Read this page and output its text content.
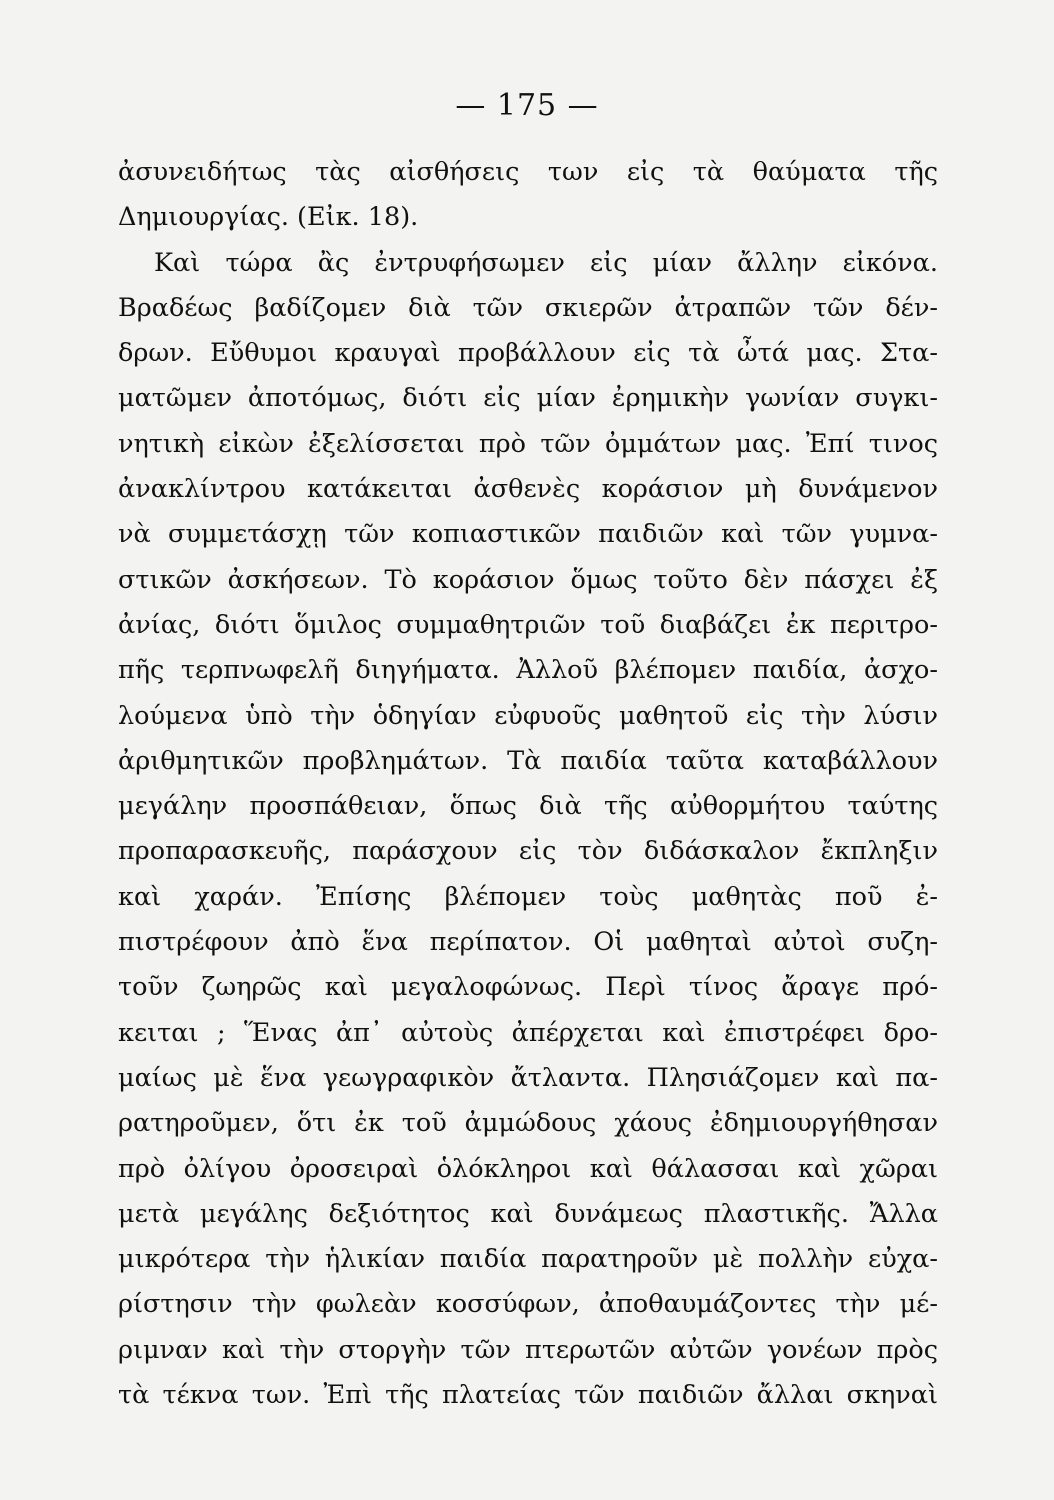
— 175 —
ἀσυνειδήτως τὰς αἰσθήσεις των εἰς τὰ θαύματα τῆς
Δημιουργίας. (Εἰκ. 18).
Καὶ τώρα ἂς ἐντρυφήσωμεν εἰς μίαν ἄλλην εἰκόνα.
Βραδέως βαδίζομεν διὰ τῶν σκιερῶν ἀτραπῶν τῶν δέν-
δρων. Εὔθυμοι κραυγαὶ προβάλλουν εἰς τὰ ὦτά μας. Στα-
ματῶμεν ἀποτόμως, διότι εἰς μίαν ἐρημικὴν γωνίαν συγκι-
νητικὴ εἰκὼν ἐξελίσσεται πρὸ τῶν ὀμμάτων μας. Ἐπί τινος
ἀνακλίντρου κατάκειται ἀσθενὲς κοράσιον μὴ δυνάμενον
νὰ συμμετάσχῃ τῶν κοπιαστικῶν παιδιῶν καὶ τῶν γυμνα-
στικῶν ἀσκήσεων. Τὸ κοράσιον ὅμως τοῦτο δὲν πάσχει ἐξ
ἀνίας, διότι ὅμιλος συμμαθητριῶν τοῦ διαβάζει ἐκ περιτρο-
πῆς τερπνωφελῆ διηγήματα. Ἀλλοῦ βλέπομεν παιδία, ἀσχο-
λούμενα ὑπὸ τὴν ὁδηγίαν εὐφυοῦς μαθητοῦ εἰς τὴν λύσιν
ἀριθμητικῶν προβλημάτων. Τὰ παιδία ταῦτα καταβάλλουν
μεγάλην προσπάθειαν, ὅπως διὰ τῆς αὐθορμήτου ταύτης
προπαρασκευῆς, παράσχουν εἰς τὸν διδάσκαλον ἔκπληξιν
καὶ χαράν. Ἐπίσης βλέπομεν τοὺς μαθητὰς ποῦ ἐ-
πιστρέφουν ἀπὸ ἕνα περίπατον. Οἱ μαθηταὶ αὐτοὶ συζη-
τοῦν ζωηρῶς καὶ μεγαλοφώνως. Περὶ τίνος ἄραγε πρό-
κειται ; Ἕνας ἀπ᾽ αὐτοὺς ἀπέρχεται καὶ ἐπιστρέφει δρο-
μαίως μὲ ἕνα γεωγραφικὸν ἄτλαντα. Πλησιάζομεν καὶ πα-
ρατηροῦμεν, ὅτι ἐκ τοῦ ἀμμώδους χάους ἐδημιουργήθησαν
πρὸ ὀλίγου ὀροσειραὶ ὁλόκληροι καὶ θάλασσαι καὶ χῶραι
μετὰ μεγάλης δεξιότητος καὶ δυνάμεως πλαστικῆς. Ἄλλα
μικρότερα τὴν ἡλικίαν παιδία παρατηροῦν μὲ πολλὴν εὐχα-
ρίστησιν τὴν φωλεὰν κοσσύφων, ἀποθαυμάζοντες τὴν μέ-
ριμναν καὶ τὴν στοργὴν τῶν πτερωτῶν αὐτῶν γονέων πρὸς
τὰ τέκνα των. Ἐπὶ τῆς πλατείας τῶν παιδιῶν ἄλλαι σκηναὶ
